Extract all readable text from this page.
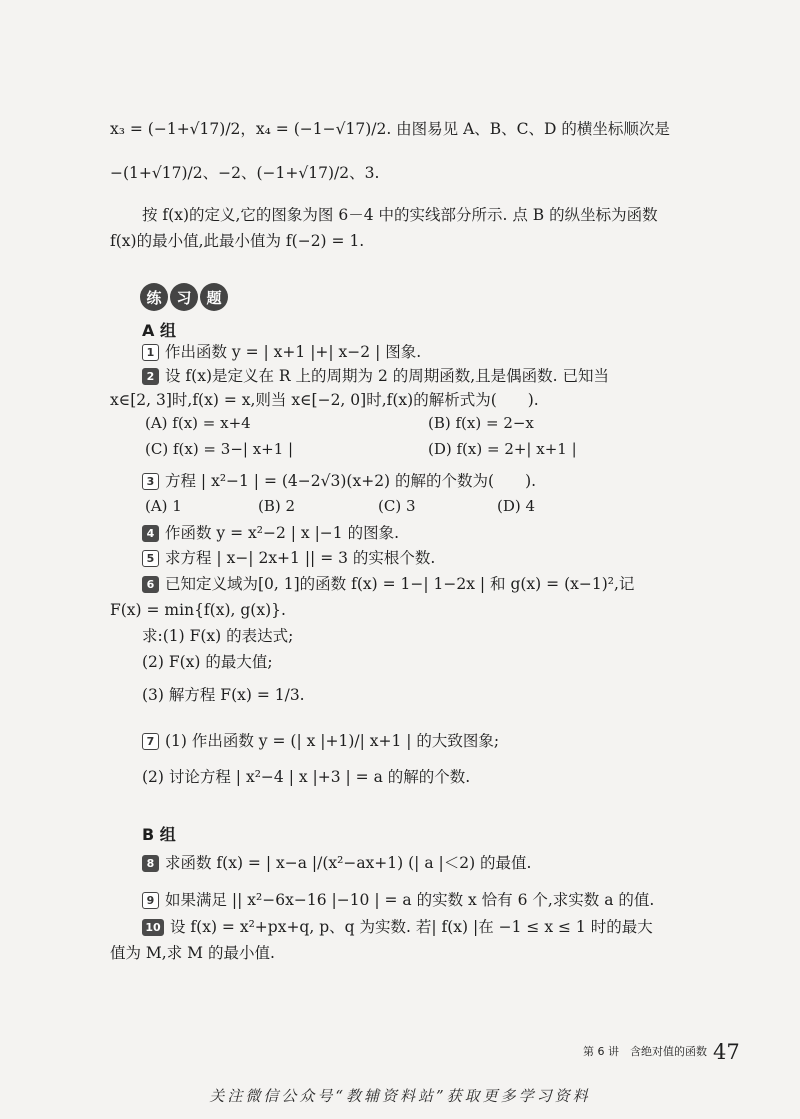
x₃ = (−1+√17)/2，x₄ = (−1−√17)/2. 由图易见 A、B、C、D 的横坐标顺次是
−(1+√17)/2、−2、(−1+√17)/2、3.
按 f(x)的定义,它的图象为图 6－4 中的实线部分所示. 点 B 的纵坐标为函数
f(x)的最小值,此最小值为 f(−2) = 1.
练 习 题
A 组
1 作出函数 y = | x+1 |+| x−2 | 图象.
2 设 f(x)是定义在 R 上的周期为 2 的周期函数,且是偶函数. 已知当
x∈[2, 3]时,f(x) = x,则当 x∈[−2, 0]时,f(x)的解析式为(　　).
(A) f(x) = x+4	(B) f(x) = 2−x
(C) f(x) = 3−| x+1 |	(D) f(x) = 2+| x+1 |
3 方程 | x²−1 | = (4−2√3)(x+2) 的解的个数为(　　).
(A) 1	(B) 2	(C) 3	(D) 4
4 作函数 y = x²−2 | x |−1 的图象.
5 求方程 | x−| 2x+1 || = 3 的实根个数.
6 已知定义域为[0, 1]的函数 f(x) = 1−| 1−2x | 和 g(x) = (x−1)²,记
F(x) = min{f(x), g(x)}.
求:(1) F(x) 的表达式;
(2) F(x) 的最大值;
(3) 解方程 F(x) = 1/3.
7 (1) 作出函数 y = (| x |+1)/| x+1 | 的大致图象;
(2) 讨论方程 | x²−4 | x |+3 | = a 的解的个数.
B 组
8 求函数 f(x) = | x−a |/(x²−ax+1) (| a |＜2) 的最值.
9 如果满足 || x²−6x−16 |−10 | = a 的实数 x 恰有 6 个,求实数 a 的值.
10 设 f(x) = x²+px+q, p、q 为实数. 若| f(x) |在 −1 ≤ x ≤ 1 时的最大
值为 M,求 M 的最小值.
$^{第 6 讲 含绝对值的函数}$ 47
关注微信公众号“教辅资料站”获取更多学习资料
